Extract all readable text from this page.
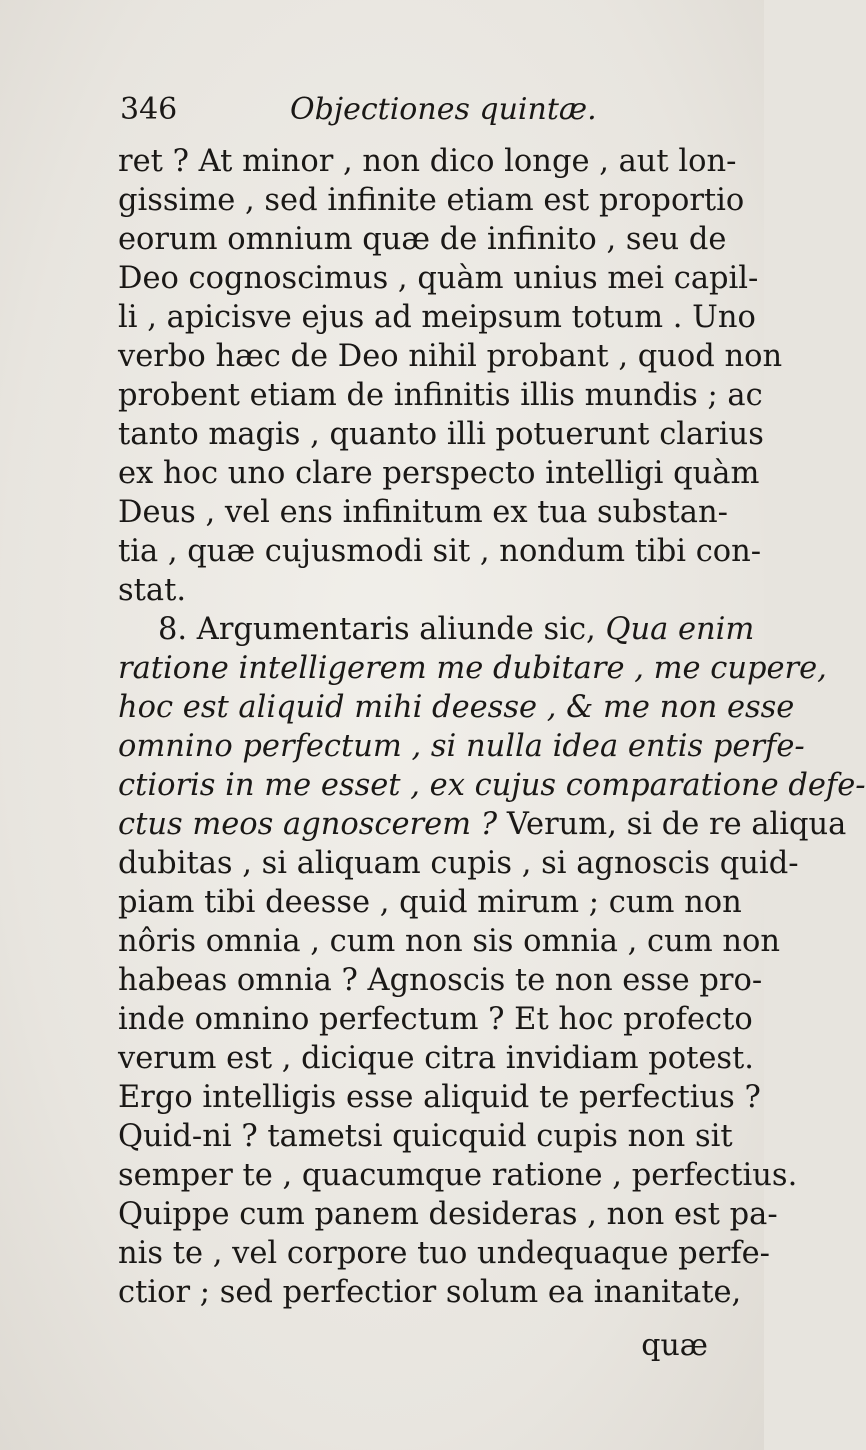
346	Objectiones quintæ.
ret ? At minor , non dico longe , aut lon-
gissime , sed infinite etiam est proportio
eorum omnium quæ de infinito , seu de
Deo cognoscimus , quàm unius mei capil-
li , apicisve ejus ad meipsum totum . Uno
verbo hæc de Deo nihil probant , quod non
probent etiam de infinitis illis mundis ; ac
tanto magis , quanto illi potuerunt clarius
ex hoc uno clare perspecto intelligi quàm
Deus , vel ens infinitum ex tua substan-
tia , quæ cujusmodi sit , nondum tibi con-
stat.
8. Argumentaris aliunde sic, Qua enim
ratione intelligerem me dubitare , me cupere,
hoc est aliquid mihi deesse , & me non esse
omnino perfectum , si nulla idea entis perfe-
ctioris in me esset , ex cujus comparatione defe-
ctus meos agnoscerem ? Verum, si de re aliqua
dubitas , si aliquam cupis , si agnoscis quid-
piam tibi deesse , quid mirum ; cum non
nôris omnia , cum non sis omnia , cum non
habeas omnia ? Agnoscis te non esse pro-
inde omnino perfectum ? Et hoc profecto
verum est , dicique citra invidiam potest.
Ergo intelligis esse aliquid te perfectius ?
Quid-ni ? tametsi quicquid cupis non sit
semper te , quacumque ratione , perfectius.
Quippe cum panem desideras , non est pa-
nis te , vel corpore tuo undequaque perfe-
ctior ; sed perfectior solum ea inanitate,
quæ
